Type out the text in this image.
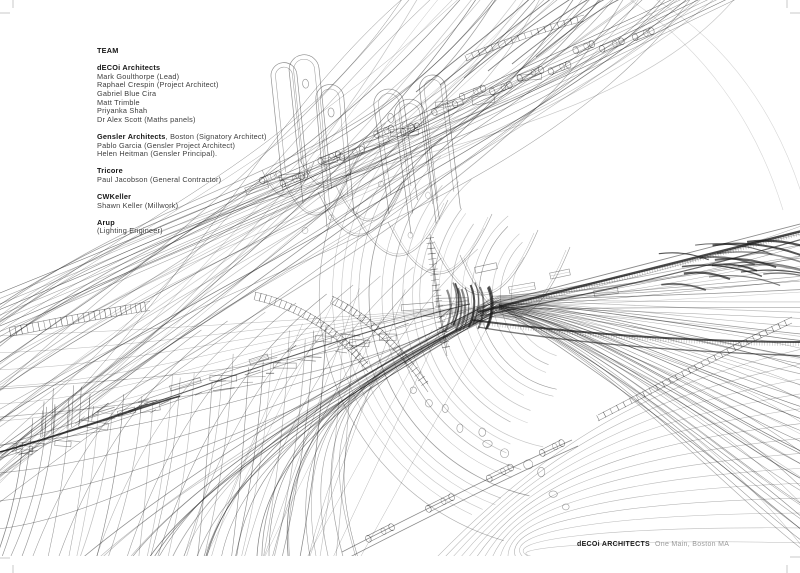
TEAM
dECOi Architects
Mark Goulthorpe (Lead)
Raphael Crespin (Project Architect)
Gabriel Blue Cira
Matt Trimble
Priyanka Shah
Dr Alex Scott (Maths panels)
Gensler Architects, Boston (Signatory Architect)
Pablo Garcia (Gensler Project Architect)
Helen Heitman (Gensler Principal).
Tricore
Paul Jacobson (General Contractor)
CWKeller
Shawn Keller (Millwork)
Arup
(Lighting Engineer)
dECOi ARCHITECTS One Main, Boston MA
